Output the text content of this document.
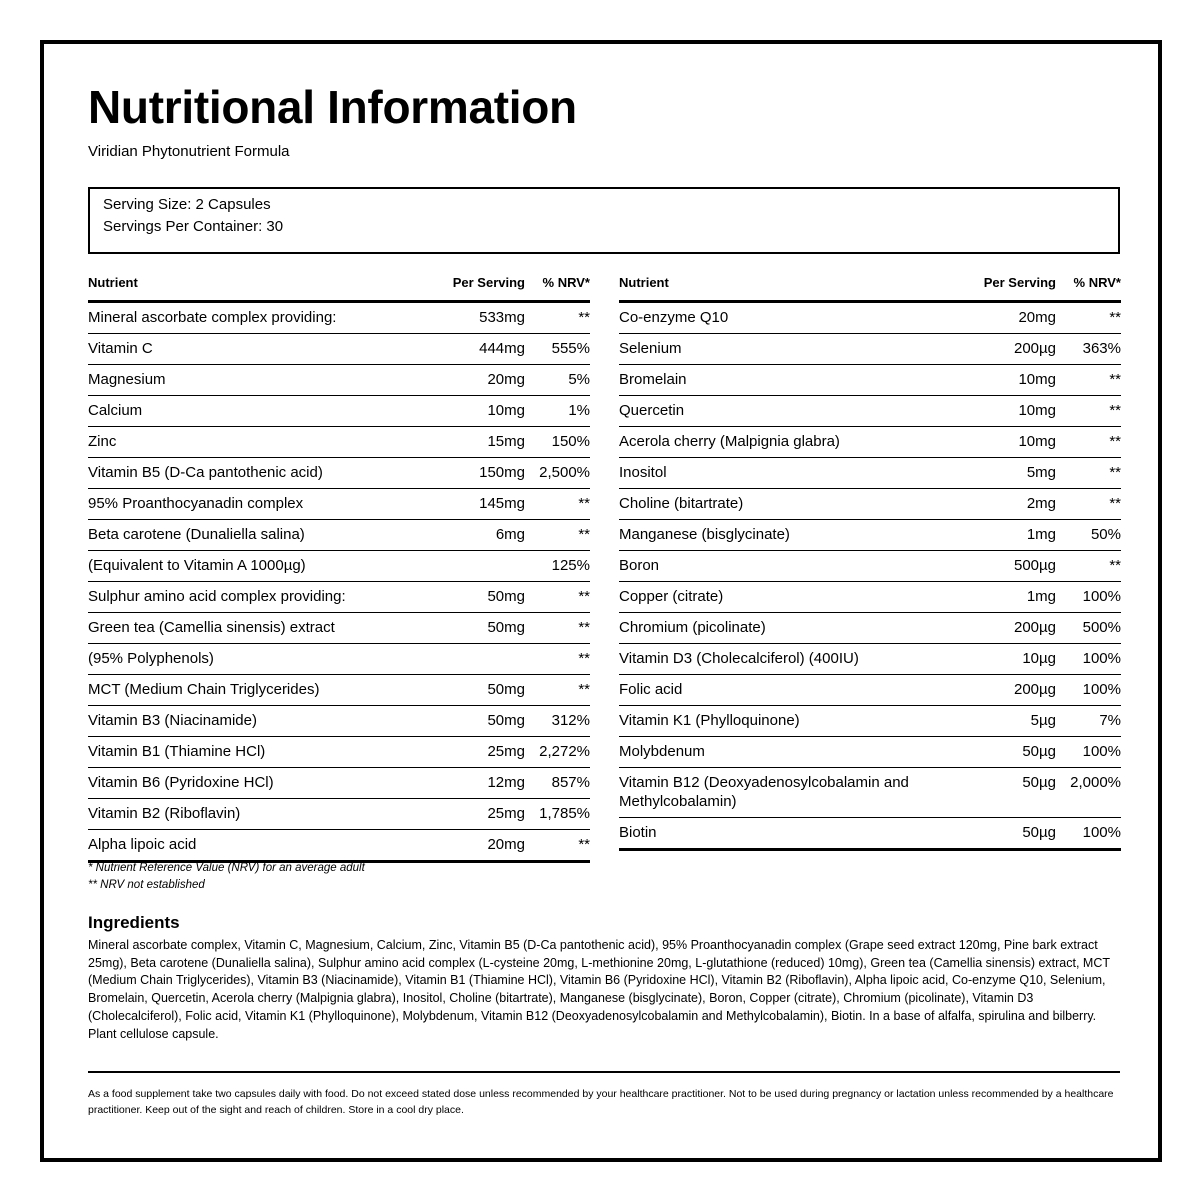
Nutritional Information
Viridian Phytonutrient Formula
Serving Size: 2 Capsules
Servings Per Container: 30
Nutrient	Per Serving % NRV*
Mineral ascorbate complex providing:	533mg	**
Vitamin C	444mg 555%
Magnesium	20mg	5%
Calcium	10mg	1%
Zinc	15mg 150%
Vitamin B5 (D-Ca pantothenic acid)	150mg 2,500%
95% Proanthocyanadin complex	145mg	**
Beta carotene (Dunaliella salina)	6mg	**
(Equivalent to Vitamin A 1000µg)	125%
Sulphur amino acid complex providing:	50mg	**
Green tea (Camellia sinensis) extract	50mg	**
(95% Polyphenols)	**
MCT (Medium Chain Triglycerides)	50mg	**
Vitamin B3 (Niacinamide)	50mg 312%
Vitamin B1 (Thiamine HCl)	25mg 2,272%
Vitamin B6 (Pyridoxine HCl)	12mg 857%
Vitamin B2 (Riboflavin)	25mg 1,785%
Alpha lipoic acid	20mg	**
Nutrient	Per Serving % NRV*
Co-enzyme Q10	20mg	**
Selenium	200µg 363%
Bromelain	10mg	**
Quercetin	10mg	**
Acerola cherry (Malpignia glabra)	10mg	**
Inositol	5mg	**
Choline (bitartrate)	2mg	**
Manganese (bisglycinate)	1mg 50%
Boron	500µg	**
Copper (citrate)	1mg 100%
Chromium (picolinate)	200µg 500%
Vitamin D3 (Cholecalciferol) (400IU)	10µg 100%
Folic acid	200µg 100%
Vitamin K1 (Phylloquinone)	5µg	7%
Molybdenum	50µg 100%
Vitamin B12 (Deoxyadenosylcobalamin and Methylcobalamin)
50µg 2,000%
Biotin	50µg 100%
* Nutrient Reference Value (NRV) for an average adult
** NRV not established
Ingredients
Mineral ascorbate complex, Vitamin C, Magnesium, Calcium, Zinc, Vitamin B5 (D-Ca pantothenic acid), 95% Proanthocyanadin complex (Grape seed extract 120mg, Pine bark extract 25mg), Beta carotene (Dunaliella salina), Sulphur amino acid complex (L-cysteine 20mg, L-methionine 20mg, L-glutathione (reduced) 10mg), Green tea (Camellia sinensis) extract, MCT (Medium Chain Triglycerides), Vitamin B3 (Niacinamide), Vitamin B1 (Thiamine HCl), Vitamin B6 (Pyridoxine HCl), Vitamin B2 (Riboflavin), Alpha lipoic acid, Co-enzyme Q10, Selenium, Bromelain, Quercetin, Acerola cherry (Malpignia glabra), Inositol, Choline (bitartrate), Manganese (bisglycinate), Boron, Copper (citrate), Chromium (picolinate), Vitamin D3 (Cholecalciferol), Folic acid, Vitamin K1 (Phylloquinone), Molybdenum, Vitamin B12 (Deoxyadenosylcobalamin and Methylcobalamin), Biotin. In a base of alfalfa, spirulina and bilberry. Plant cellulose capsule.
As a food supplement take two capsules daily with food. Do not exceed stated dose unless recommended by your healthcare practitioner. Not to be used during pregnancy or lactation unless recommended by a healthcare practitioner. Keep out of the sight and reach of children. Store in a cool dry place.
